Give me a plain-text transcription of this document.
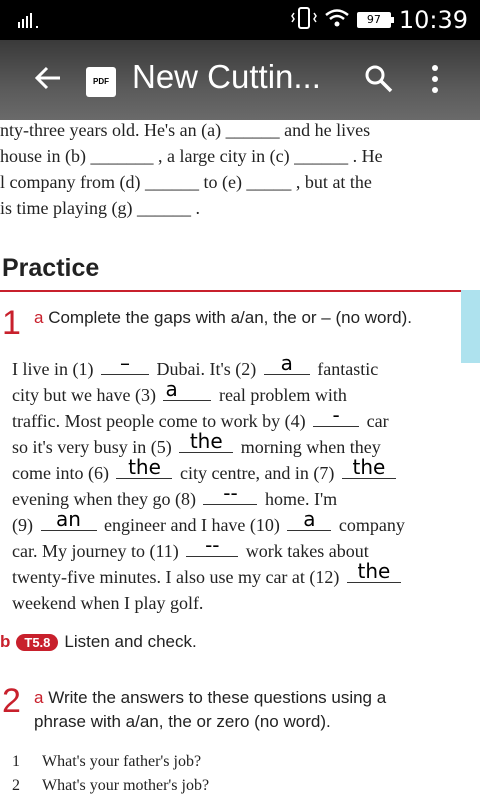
97 10:39
PDF New Cuttin...
nty-three years old. He's an (a) ______ and he lives
house in (b) _______ , a large city in (c) ______ . He
l company from (d) ______ to (e) _____ , but at the
is time playing (g) ______ .
Practice
1 a Complete the gaps with a/an, the or – (no word).
I live in (1)	–	Dubai. It's (2)	a	fantastic
city but we have (3) a	real problem with
traffic. Most people come to work by (4)	-	car
so it's very busy in (5) the	morning when they
come into (6) the	city centre, and in (7) the
evening when they go (8)	--	home. I'm
(9)	an	engineer and I have (10)	a	company
car. My journey to (11)	--	work takes about
twenty-five minutes. I also use my car at (12) the
weekend when I play golf.
b T5.8 Listen and check.
2 a Write the answers to these questions using a
phrase with a/an, the or zero (no word).
1 What's your father's job?
2 What's your mother's job?
